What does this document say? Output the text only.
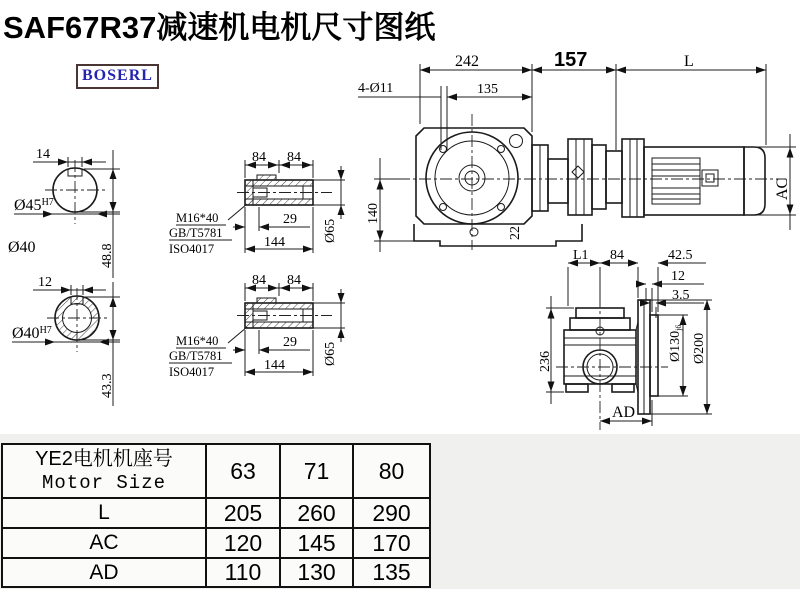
14
$Ø45^{H7}$
48.8
Ø40
12
$Ø40^{H7}$
43.3
84 84
29
144	Ø65
M16*40
GB/T5781
ISO4017
84 84
29
144	Ø65
M16*40
GB/T5781
ISO4017
242
135
4-Ø11
157	L
140
22
AC
L1 84	42.5
12
3.5
Ø130j6
Ø200
236
AD
SAF67R37减速机电机尺寸图纸
BOSERL
YE2电机机座号
Motor Size	63	71	80
L	205	260	290
AC	120	145	170
AD	110	130	135
